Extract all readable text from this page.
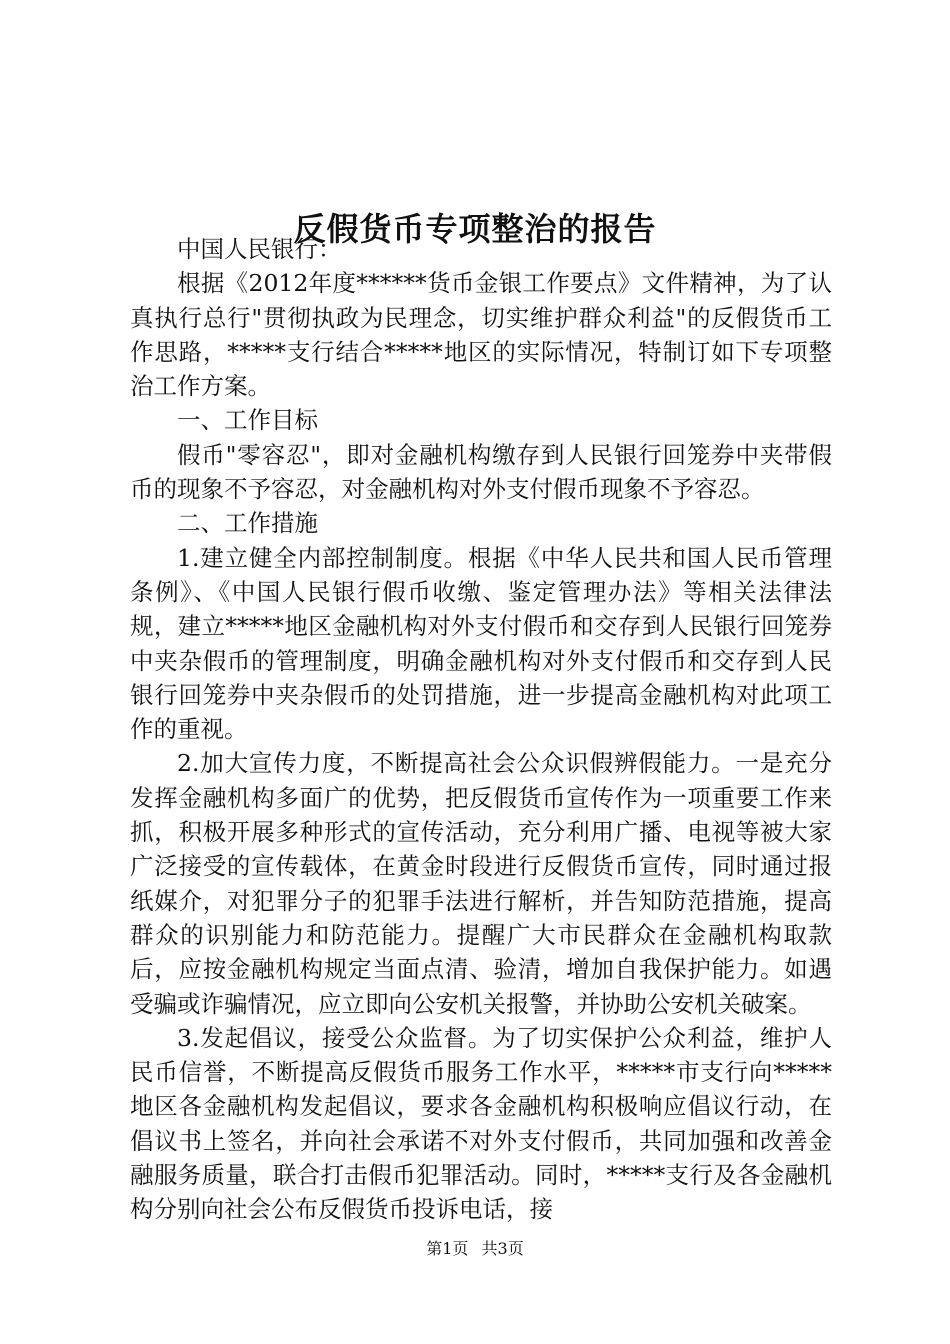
反假货币专项整治的报告

中国人民银行：

根据《2012年度******货币金银工作要点》文件精神，为了认真执行总行"贯彻执政为民理念，切实维护群众利益"的反假货币工作思路，*****支行结合*****地区的实际情况，特制订如下专项整治工作方案。

一、工作目标

假币"零容忍"，即对金融机构缴存到人民银行回笼券中夹带假币的现象不予容忍，对金融机构对外支付假币现象不予容忍。

二、工作措施

1.建立健全内部控制制度。根据《中华人民共和国人民币管理条例》、《中国人民银行假币收缴、鉴定管理办法》等相关法律法规，建立*****地区金融机构对外支付假币和交存到人民银行回笼券中夹杂假币的管理制度，明确金融机构对外支付假币和交存到人民银行回笼券中夹杂假币的处罚措施，进一步提高金融机构对此项工作的重视。

2.加大宣传力度，不断提高社会公众识假辨假能力。一是充分发挥金融机构多面广的优势，把反假货币宣传作为一项重要工作来抓，积极开展多种形式的宣传活动，充分利用广播、电视等被大家广泛接受的宣传载体，在黄金时段进行反假货币宣传，同时通过报纸媒介，对犯罪分子的犯罪手法进行解析，并告知防范措施，提高群众的识别能力和防范能力。提醒广大市民群众在金融机构取款后，应按金融机构规定当面点清、验清，增加自我保护能力。如遇受骗或诈骗情况，应立即向公安机关报警，并协助公安机关破案。

3.发起倡议，接受公众监督。为了切实保护公众利益，维护人民币信誉，不断提高反假货币服务工作水平，*****市支行向*****地区各金融机构发起倡议，要求各金融机构积极响应倡议行动，在倡议书上签名，并向社会承诺不对外支付假币，共同加强和改善金融服务质量，联合打击假币犯罪活动。同时，*****支行及各金融机构分别向社会公布反假货币投诉电话，接

第1页 共3页
